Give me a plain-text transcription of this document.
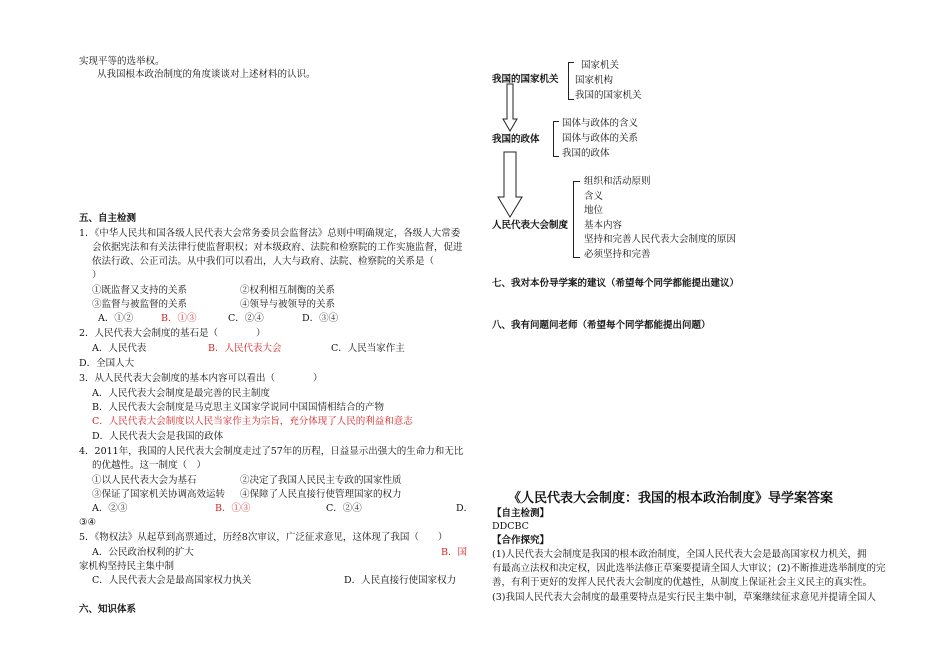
实现平等的选举权。
从我国根本政治制度的角度谈谈对上述材料的认识。
五、自主检测
1．《中华人民共和国各级人民代表大会常务委员会监督法》总则中明确规定，各级人大常委
会依据宪法和有关法律行使监督职权；对本级政府、法院和检察院的工作实施监督，促进
依法行政、公正司法。从中我们可以看出，人大与政府、法院、检察院的关系是（
）
①既监督又支持的关系	②权利相互制衡的关系
③监督与被监督的关系	④领导与被领导的关系
A．①②	B．①③	C．②④	D．③④
2．人民代表大会制度的基石是（　　　　）
A．人民代表	B．人民代表大会	C．人民当家作主
D．全国人大
3．从人民代表大会制度的基本内容可以看出（　　　　）
A．人民代表大会制度是最完善的民主制度
B．人民代表大会制度是马克思主义国家学说同中国国情相结合的产物
C．人民代表大会制度以人民当家作主为宗旨，充分体现了人民的利益和意志
D．人民代表大会是我国的政体
4．2011年，我国的人民代表大会制度走过了57年的历程，日益显示出强大的生命力和无比
的优越性。这一制度（　）
①以人民代表大会为基石	②决定了我国人民民主专政的国家性质
③保证了国家机关协调高效运转 ④保障了人民直接行使管理国家的权力
A．②③	B．①③	C．②④	D．
③④
5．《物权法》从起草到高票通过，历经8次审议，广泛征求意见，这体现了我国（　　）
A．公民政治权利的扩大	B．国
家机构坚持民主集中制
C．人民代表大会是最高国家权力执关	D．人民直接行使国家权力
六、知识体系
我国的国家机关
国家机关
国家机构
我国的国家机关
我国的政体
国体与政体的含义
国体与政体的关系
我国的政体
人民代表大会制度
组织和活动原则
含义
地位
基本内容
坚持和完善人民代表大会制度的原因
必须坚持和完善
七、我对本份导学案的建议（希望每个同学都能提出建议）
八、我有问题问老师（希望每个同学都能提出问题）
《人民代表大会制度：我国的根本政治制度》导学案答案
【自主检测】
DDCBC
【合作探究】
(1)人民代表大会制度是我国的根本政治制度，全国人民代表大会是最高国家权力机关，拥
有最高立法权和决定权，因此选举法修正草案要提请全国人大审议；(2)不断推进选举制度的完
善，有利于更好的发挥人民代表大会制度的优越性，从制度上保证社会主义民主的真实性。
(3)我国人民代表大会制度的最重要特点是实行民主集中制，草案继续征求意见并提请全国人
